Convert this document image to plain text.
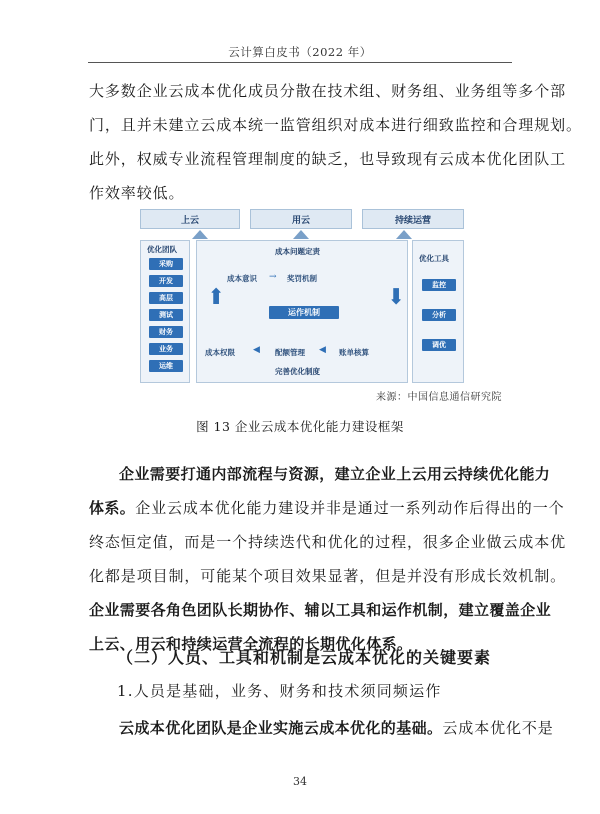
云计算白皮书（2022 年）
大多数企业云成本优化成员分散在技术组、财务组、业务组等多个部
门，且并未建立云成本统一监管组织对成本进行细致监控和合理规划。
此外，权威专业流程管理制度的缺乏，也导致现有云成本优化团队工
作效率较低。
上云	用云	持续运营
优化团队
采购
开发
高层
测试
财务
业务
运维
成本问题定责
成本意识 → 奖罚机制
⬇
⬆
运作机制
成本权限 ◀ 配额管理 ◀ 账单核算
完善优化制度
优化工具
监控
分析
调优
来源：中国信息通信研究院
图 13 企业云成本优化能力建设框架
企业需要打通内部流程与资源，建立企业上云用云持续优化能力
体系。企业云成本优化能力建设并非是通过一系列动作后得出的一个
终态恒定值，而是一个持续迭代和优化的过程，很多企业做云成本优
化都是项目制，可能某个项目效果显著，但是并没有形成长效机制。
企业需要各角色团队长期协作、辅以工具和运作机制，建立覆盖企业
上云、用云和持续运营全流程的长期优化体系。
（二）人员、工具和机制是云成本优化的关键要素
1.人员是基础，业务、财务和技术须同频运作
云成本优化团队是企业实施云成本优化的基础。云成本优化不是
34
